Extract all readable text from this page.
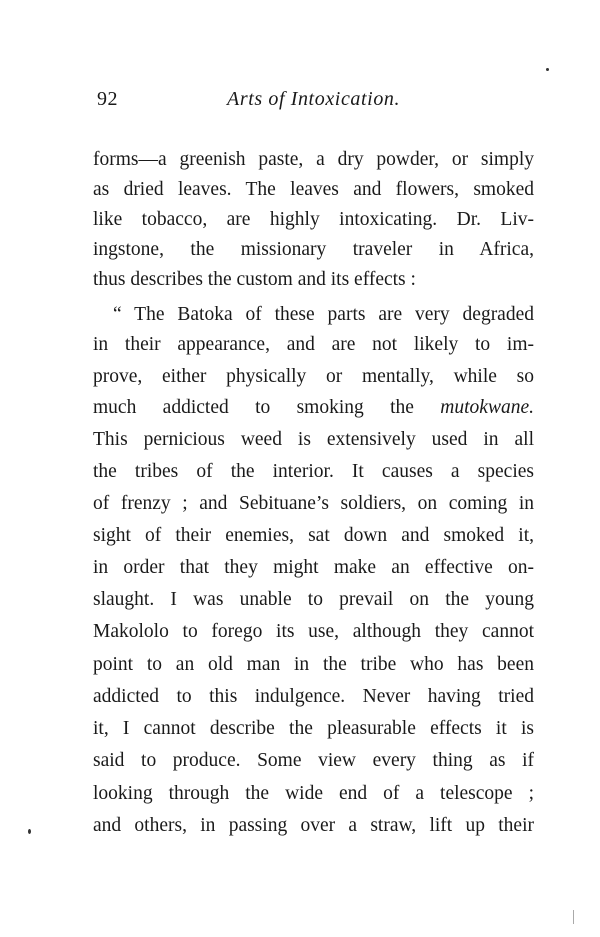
92	Arts of Intoxication.
forms—a greenish paste, a dry powder, or simply
as dried leaves. The leaves and flowers, smoked
like tobacco, are highly intoxicating. Dr. Liv-
ingstone, the missionary traveler in Africa,
thus describes the custom and its effects :
“ The Batoka of these parts are very degraded
in their appearance, and are not likely to im-
prove, either physically or mentally, while so
much addicted to smoking the mutokwane.
This pernicious weed is extensively used in all
the tribes of the interior. It causes a species
of frenzy ; and Sebituane’s soldiers, on coming in
sight of their enemies, sat down and smoked it,
in order that they might make an effective on-
slaught. I was unable to prevail on the young
Makololo to forego its use, although they cannot
point to an old man in the tribe who has been
addicted to this indulgence. Never having tried
it, I cannot describe the pleasurable effects it is
said to produce. Some view every thing as if
looking through the wide end of a telescope ;
and others, in passing over a straw, lift up their
